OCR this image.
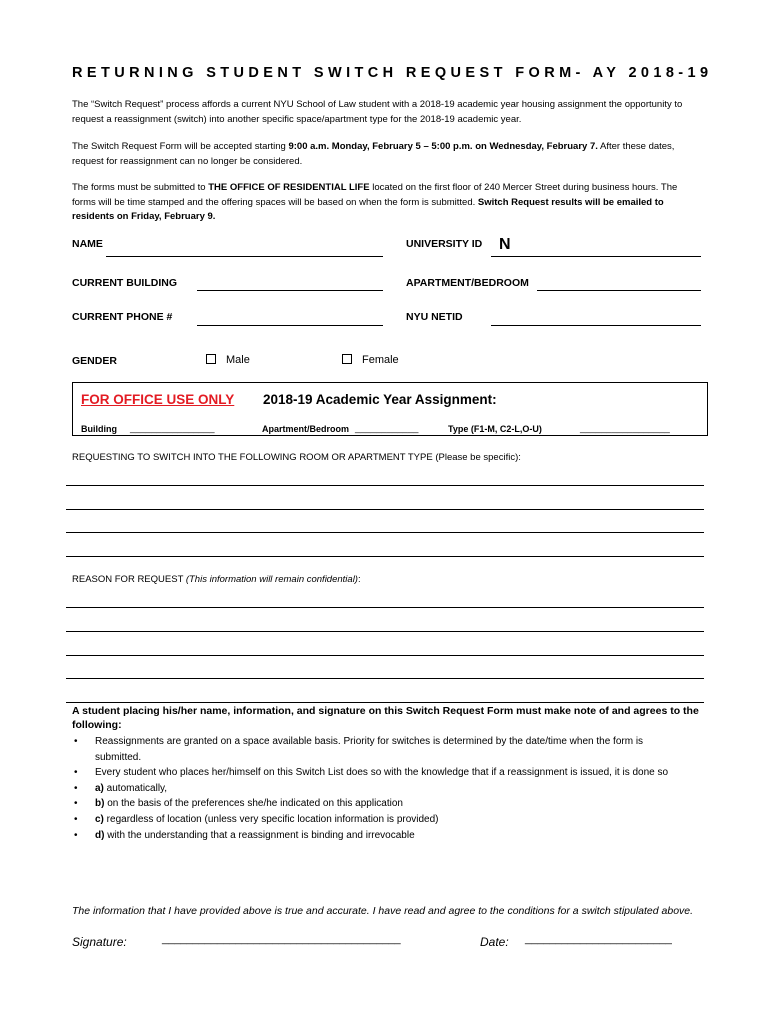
RETURNING STUDENT SWITCH REQUEST FORM- AY 2018-19
The “Switch Request” process affords a current NYU School of Law student with a 2018-19 academic year housing assignment the opportunity to request a reassignment (switch) into another specific space/apartment type for the 2018-19 academic year.
The Switch Request Form will be accepted starting 9:00 a.m. Monday, February 5 – 5:00 p.m. on Wednesday, February 7. After these dates, request for reassignment can no longer be considered.
The forms must be submitted to THE OFFICE OF RESIDENTIAL LIFE located on the first floor of 240 Mercer Street during business hours. The forms will be time stamped and the offering spaces will be based on when the form is submitted. Switch Request results will be emailed to residents on Friday, February 9.
NAME	UNIVERSITY ID N
CURRENT BUILDING	APARTMENT/BEDROOM
CURRENT PHONE #	NYU NETID
GENDER	Male	Female
FOR OFFICE USE ONLY 2018-19 Academic Year Assignment:
Building ________________	Apartment/Bedroom ____________	Type (F1-M, C2-L,O-U)	_________________
REQUESTING TO SWITCH INTO THE FOLLOWING ROOM OR APARTMENT TYPE (Please be specific):
REASON FOR REQUEST (This information will remain confidential):
A student placing his/her name, information, and signature on this Switch Request Form must make note of and agrees to the following:
• Reassignments are granted on a space available basis. Priority for switches is determined by the date/time when the form is submitted.
• Every student who places her/himself on this Switch List does so with the knowledge that if a reassignment is issued, it is done so
• a) automatically,
• b) on the basis of the preferences she/he indicated on this application
• c) regardless of location (unless very specific location information is provided)
• d) with the understanding that a reassignment is binding and irrevocable
The information that I have provided above is true and accurate. I have read and agree to the conditions for a switch stipulated above.
Signature:	_______________________________________	Date: ________________________
